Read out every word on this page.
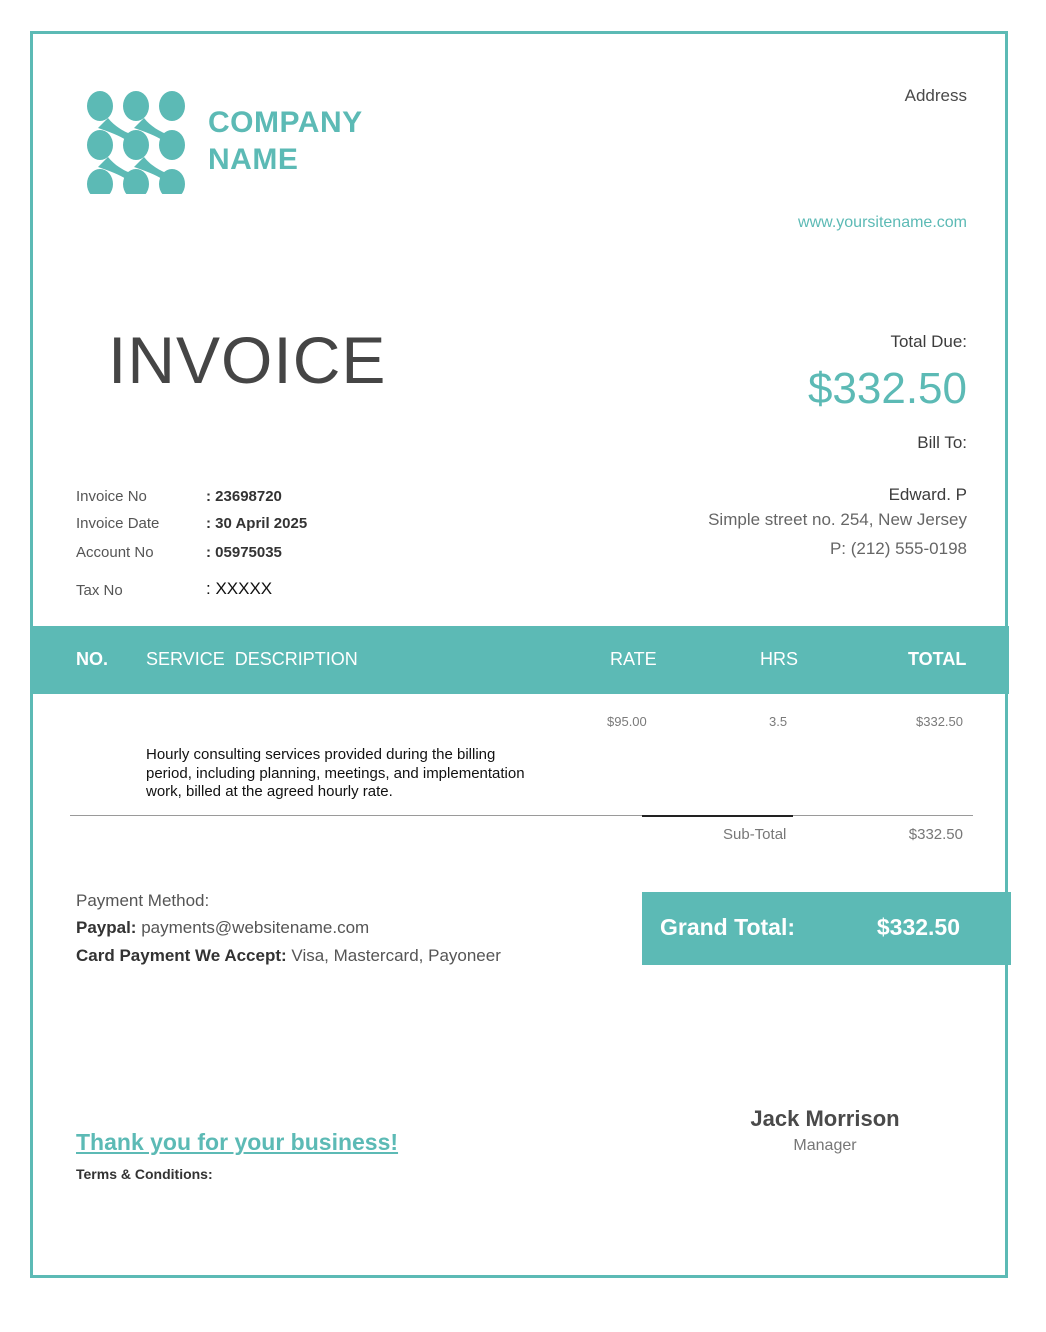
COMPANY
NAME
Address
www.yoursitename.com
INVOICE	Total Due:
$332.50
Bill To:
Edward. P
Simple street no. 254, New Jersey
P: (212) 555-0198
Invoice No	: 23698720
Invoice Date	: 30 April 2025
Account No	: 05975035
Tax No	: XXXXX
NO. SERVICE  DESCRIPTION	RATE	HRS	TOTAL
$95.00	3.5	$332.50
Hourly consulting services provided during the billing period, including planning, meetings, and implementation work, billed at the agreed hourly rate.
Sub-Total	$332.50
Payment Method:
Paypal: payments@websitename.com
Card Payment We Accept: Visa, Mastercard, Payoneer
Grand Total:	$332.50
Thank you for your business!
Terms & Conditions:
Jack Morrison
Manager
